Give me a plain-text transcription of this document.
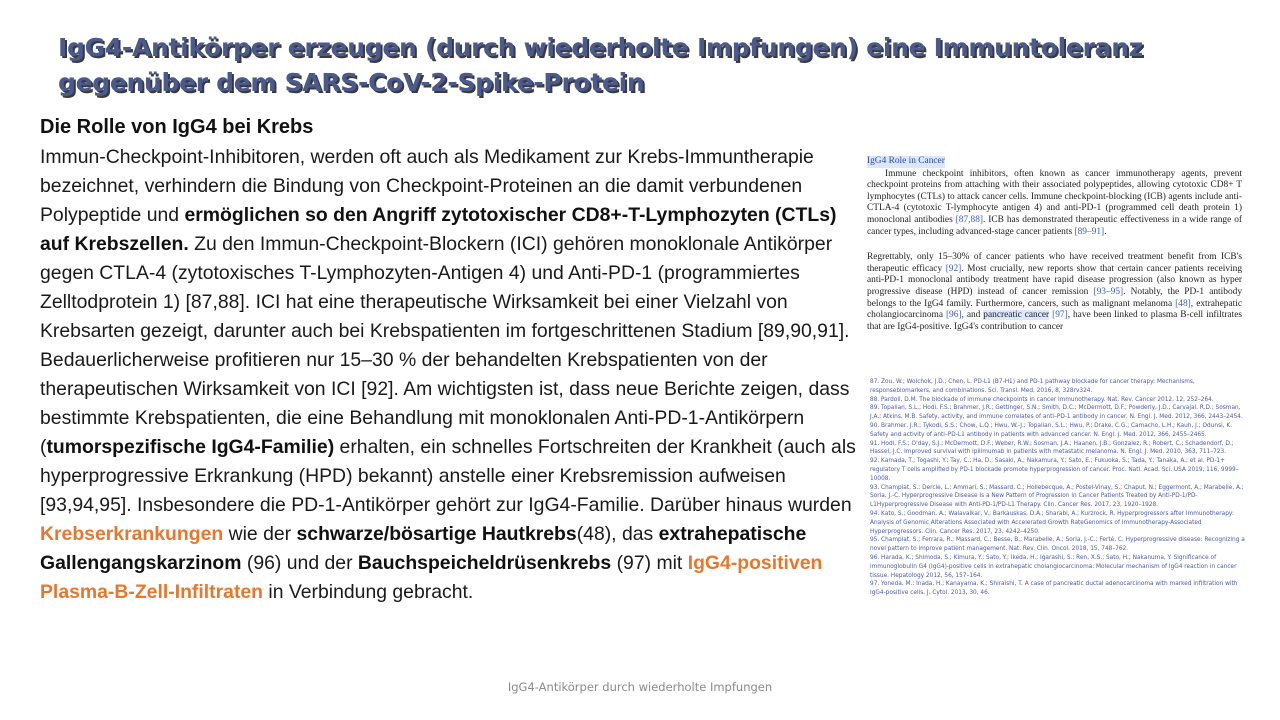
IgG4-Antikörper erzeugen (durch wiederholte Impfungen) eine Immuntoleranz
gegenüber dem SARS-CoV-2-Spike-Protein
Die Rolle von IgG4 bei Krebs
Immun-Checkpoint-Inhibitoren, werden oft auch als Medikament zur Krebs-Immuntherapie bezeichnet, verhindern die Bindung von Checkpoint-Proteinen an die damit verbundenen Polypeptide und ermöglichen so den Angriff zytotoxischer CD8+-T-Lymphozyten (CTLs) auf Krebszellen. Zu den Immun-Checkpoint-Blockern (ICI) gehören monoklonale Antikörper gegen CTLA-4 (zytotoxisches T-Lymphozyten-Antigen 4) und Anti-PD-1 (programmiertes Zelltodprotein 1) [87,88]. ICI hat eine therapeutische Wirksamkeit bei einer Vielzahl von Krebsarten gezeigt, darunter auch bei Krebspatienten im fortgeschrittenen Stadium [89,90,91]. Bedauerlicherweise profitieren nur 15–30 % der behandelten Krebspatienten von der therapeutischen Wirksamkeit von ICI [92]. Am wichtigsten ist, dass neue Berichte zeigen, dass bestimmte Krebspatienten, die eine Behandlung mit monoklonalen Anti-PD-1-Antikörpern (tumorspezifische IgG4-Familie) erhalten, ein schnelles Fortschreiten der Krankheit (auch als hyperprogressive Erkrankung (HPD) bekannt) anstelle einer Krebsremission aufweisen [93,94,95]. Insbesondere die PD-1-Antikörper gehört zur IgG4-Familie. Darüber hinaus wurden Krebserkrankungen wie der schwarze/bösartige Hautkrebs(48), das extrahepatische Gallengangskarzinom (96) und der Bauchspeicheldrüsenkrebs (97) mit IgG4-positiven Plasma-B-Zell-Infiltraten in Verbindung gebracht.
IgG4 Role in Cancer

Immune checkpoint inhibitors, often known as cancer immunotherapy agents, prevent checkpoint proteins from attaching with their associated polypeptides, allowing cytotoxic CD8+ T lymphocytes (CTLs) to attack cancer cells. Immune checkpoint-blocking (ICB) agents include anti-CTLA-4 (cytotoxic T-lymphocyte antigen 4) and anti-PD-1 (programmed cell death protein 1) monoclonal antibodies [87,88]. ICB has demonstrated therapeutic effectiveness in a wide range of cancer types, including advanced-stage cancer patients [89–91].

Regrettably, only 15–30% of cancer patients who have received treatment benefit from ICB's therapeutic efficacy [92]. Most crucially, new reports show that certain cancer patients receiving anti-PD-1 monoclonal antibody treatment have rapid disease progression (also known as hyper progressive disease (HPD) instead of cancer remission [93–95]. Notably, the PD-1 antibody belongs to the IgG4 family. Furthermore, cancers, such as malignant melanoma [48], extrahepatic cholangiocarcinoma [96], and pancreatic cancer [97], have been linked to plasma B-cell infiltrates that are IgG4-positive. IgG4's contribution to cancer

87. Zou, W.; Wolchok, J.D.; Chen, L. PD-L1 (B7-H1) and PD-1 pathway blockade for cancer therapy: Mechanisms, responsebiomarkers, and combinations. Sci. Transl. Med. 2016, 8, 328rv324.
88. Pardoll, D.M. The blockade of immune checkpoints in cancer immunotherapy. Nat. Rev. Cancer 2012, 12, 252–264.
89. Topalian, S.L.; Hodi, F.S.; Brahmer, J.R.; Gettinger, S.N.; Smith, D.C.; McDermott, D.F.; Powderly, J.D.; Carvajal, R.D.; Sosman, J.A.; Atkins, M.B. Safety, activity, and immune correlates of anti–PD-1 antibody in cancer. N. Engl. J. Med. 2012, 366, 2443–2454.
90. Brahmer, J.R.; Tykodi, S.S.; Chow, L.Q.; Hwu, W.-J.; Topalian, S.L.; Hwu, P.; Drake, C.G.; Camacho, L.H.; Kauh, J.; Odunsi, K. Safety and activity of anti–PD-L1 antibody in patients with advanced cancer. N. Engl. J. Med. 2012, 366, 2455–2465.
91. Hodi, F.S.; O'day, S.J.; McDermott, D.F.; Weber, R.W.; Sosman, J.A.; Haanen, J.B.; Gonzalez, R.; Robert, C.; Schadendorf, D.; Hassel, J.C. Improved survival with ipilimumab in patients with metastatic melanoma. N. Engl. J. Med. 2010, 363, 711–723.
92. Kamada, T.; Togashi, Y.; Tay, C.; Ha, D.; Sasaki, A.; Nakamura, Y.; Sato, E.; Fukuoka, S.; Tada, Y.; Tanaka, A.; et al. PD-1+ regulatory T cells amplified by PD-1 blockade promote hyperprogression of cancer. Proc. Natl. Acad. Sci. USA 2019, 116, 9999–10008.
93. Champiat, S.; Dercle, L.; Ammari, S.; Massard, C.; Hollebecque, A.; Postel-Vinay, S.; Chaput, N.; Eggermont, A.; Marabelle, A.; Soria, J.-C. Hyperprogressive Disease Is a New Pattern of Progression in Cancer Patients Treated by Anti-PD-1/PD-L1Hyperprogressive Disease with Anti-PD-1/PD-L1 Therapy. Clin. Cancer Res. 2017, 23, 1920–1928.
94. Kato, S.; Goodman, A.; Walavalkar, V.; Barkauskas, D.A.; Sharabi, A.; Kurzrock, R. Hyperprogressors after Immunotherapy: Analysis of Genomic Alterations Associated with Accelerated Growth RateGenomics of Immunotherapy-Associated Hyperprogressors. Clin. Cancer Res. 2017, 23, 4242–4250.
95. Champiat, S.; Ferrara, R.; Massard, C.; Besse, B.; Marabelle, A.; Soria, J.-C.; Ferté, C. Hyperprogressive disease: Recognizing a novel pattern to improve patient management. Nat. Rev. Clin. Oncol. 2018, 15, 748–762.
96. Harada, K.; Shimoda, S.; Kimura, Y.; Sato, Y.; Ikeda, H.; Igarashi, S.; Ren, X.S.; Sato, H.; Nakanuma, Y. Significance of immunoglobulin G4 (IgG4)-positive cells in extrahepatic cholangiocarcinoma: Molecular mechanism of IgG4 reaction in cancer tissue. Hepatology 2012, 56, 157–164.
97. Yoneda, M.; Inada, H.; Kanayama, K.; Shiraishi, T. A case of pancreatic ductal adenocarcinoma with marked infiltration with IgG4-positive cells. J. Cytol. 2013, 30, 46.
IgG4-Antikörper durch wiederholte Impfungen
